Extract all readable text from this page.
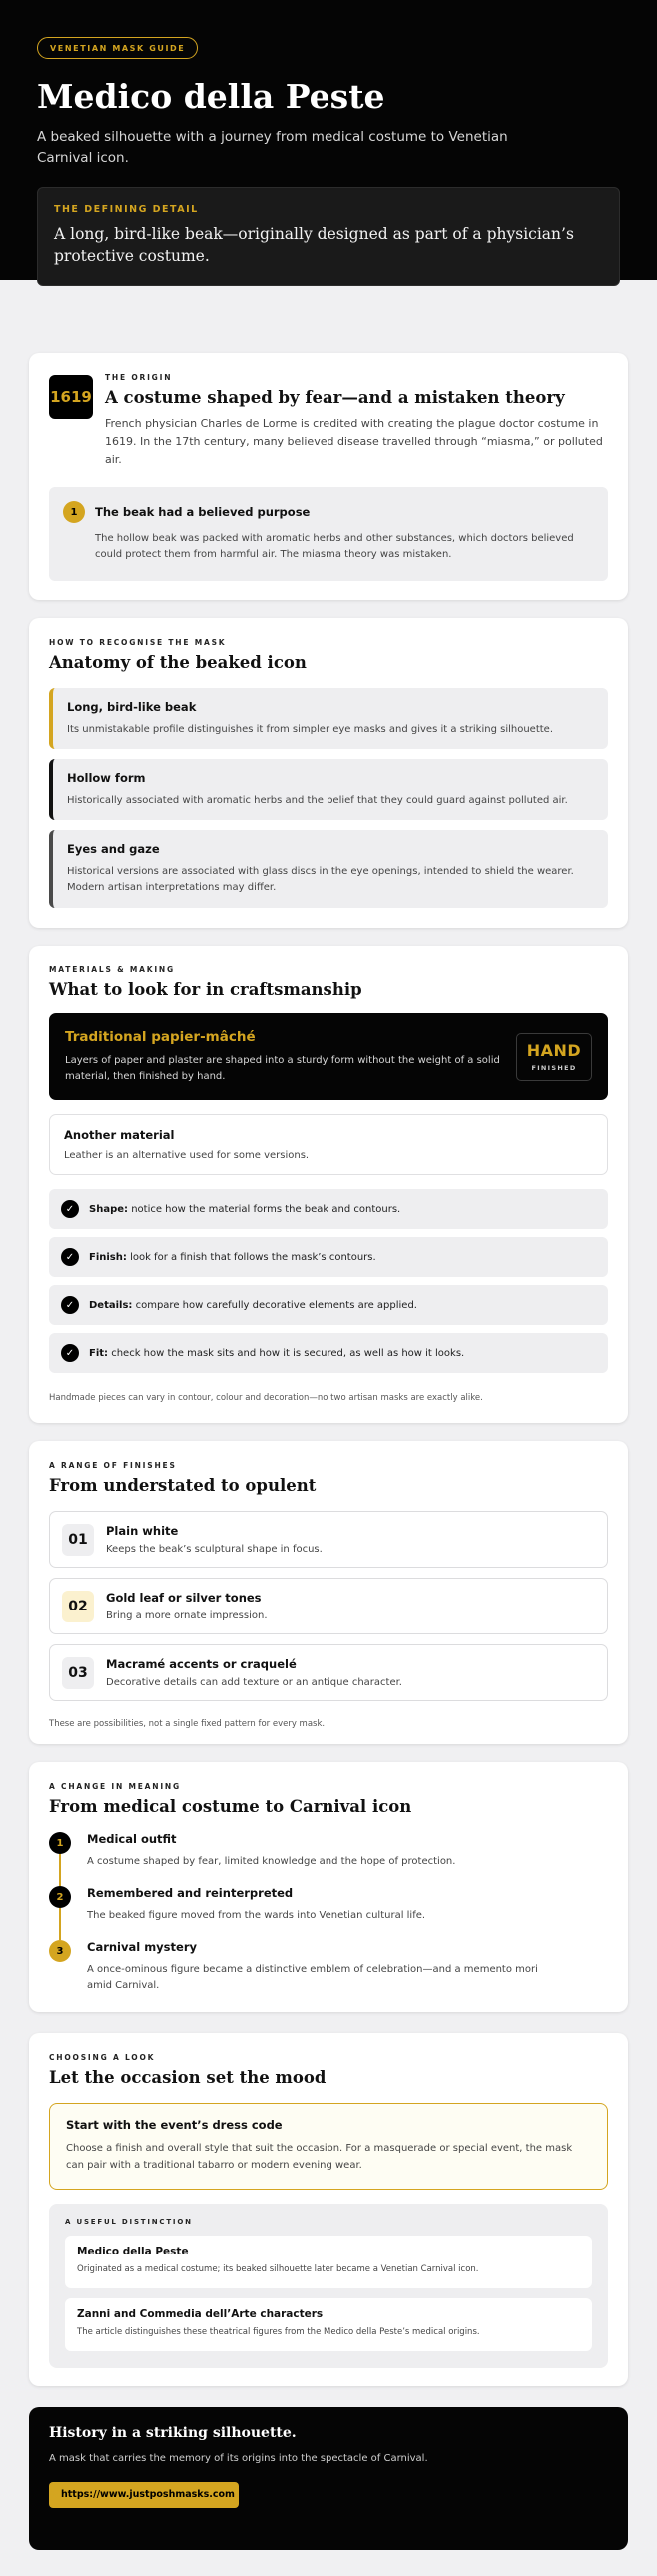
VENETIAN MASK GUIDE
Medico della Peste

A beaked silhouette with a journey from medical costume to Venetian Carnival icon.

THE DEFINING DETAIL
A long, bird-like beak—originally designed as part of a physician’s protective costume.
1619
THE ORIGIN
A costume shaped by fear—and a mistaken theory

French physician Charles de Lorme is credited with creating the plague doctor costume in 1619. In the 17th century, many believed disease travelled through “miasma,” or polluted air.

1	The beak had a believed purpose

The hollow beak was packed with aromatic herbs and other substances, which doctors believed could protect them from harmful air. The miasma theory was mistaken.

HOW TO RECOGNISE THE MASK
Anatomy of the beaked icon
Long, bird-like beak
Its unmistakable profile distinguishes it from simpler eye masks and gives it a striking silhouette.
Hollow form
Historically associated with aromatic herbs and the belief that they could guard against polluted air.
Eyes and gaze
Historical versions are associated with glass discs in the eye openings, intended to shield the wearer. Modern artisan interpretations may differ.
MATERIALS & MAKING
What to look for in craftsmanship
Traditional papier-mâché
Layers of paper and plaster are shaped into a sturdy form without the weight of a solid material, then finished by hand.
HAND
FINISHED
Another material
Leather is an alternative used for some versions.
✓	Shape: notice how the material forms the beak and contours.
✓	Finish: look for a finish that follows the mask’s contours.
✓	Details: compare how carefully decorative elements are applied.
✓	Fit: check how the mask sits and how it is secured, as well as how it looks.

Handmade pieces can vary in contour, colour and decoration—no two artisan masks are exactly alike.

A RANGE OF FINISHES
From understated to opulent
01
Plain white
Keeps the beak’s sculptural shape in focus.
02
Gold leaf or silver tones
Bring a more ornate impression.
03
Macramé accents or craquelé
Decorative details can add texture or an antique character.

These are possibilities, not a single fixed pattern for every mask.

A CHANGE IN MEANING
From medical costume to Carnival icon
1	Medical outfit
A costume shaped by fear, limited knowledge and the hope of protection.
2	Remembered and reinterpreted
The beaked figure moved from the wards into Venetian cultural life.
3	Carnival mystery
A once-ominous figure became a distinctive emblem of celebration—and a memento mori amid Carnival.
CHOOSING A LOOK
Let the occasion set the mood
Start with the event’s dress code
Choose a finish and overall style that suit the occasion. For a masquerade or special event, the mask can pair with a traditional tabarro or modern evening wear.
A USEFUL DISTINCTION
Medico della Peste
Originated as a medical costume; its beaked silhouette later became a Venetian Carnival icon.
Zanni and Commedia dell’Arte characters
The article distinguishes these theatrical figures from the Medico della Peste’s medical origins.
History in a striking silhouette.
A mask that carries the memory of its origins into the spectacle of Carnival.
https://www.justposhmasks.com
